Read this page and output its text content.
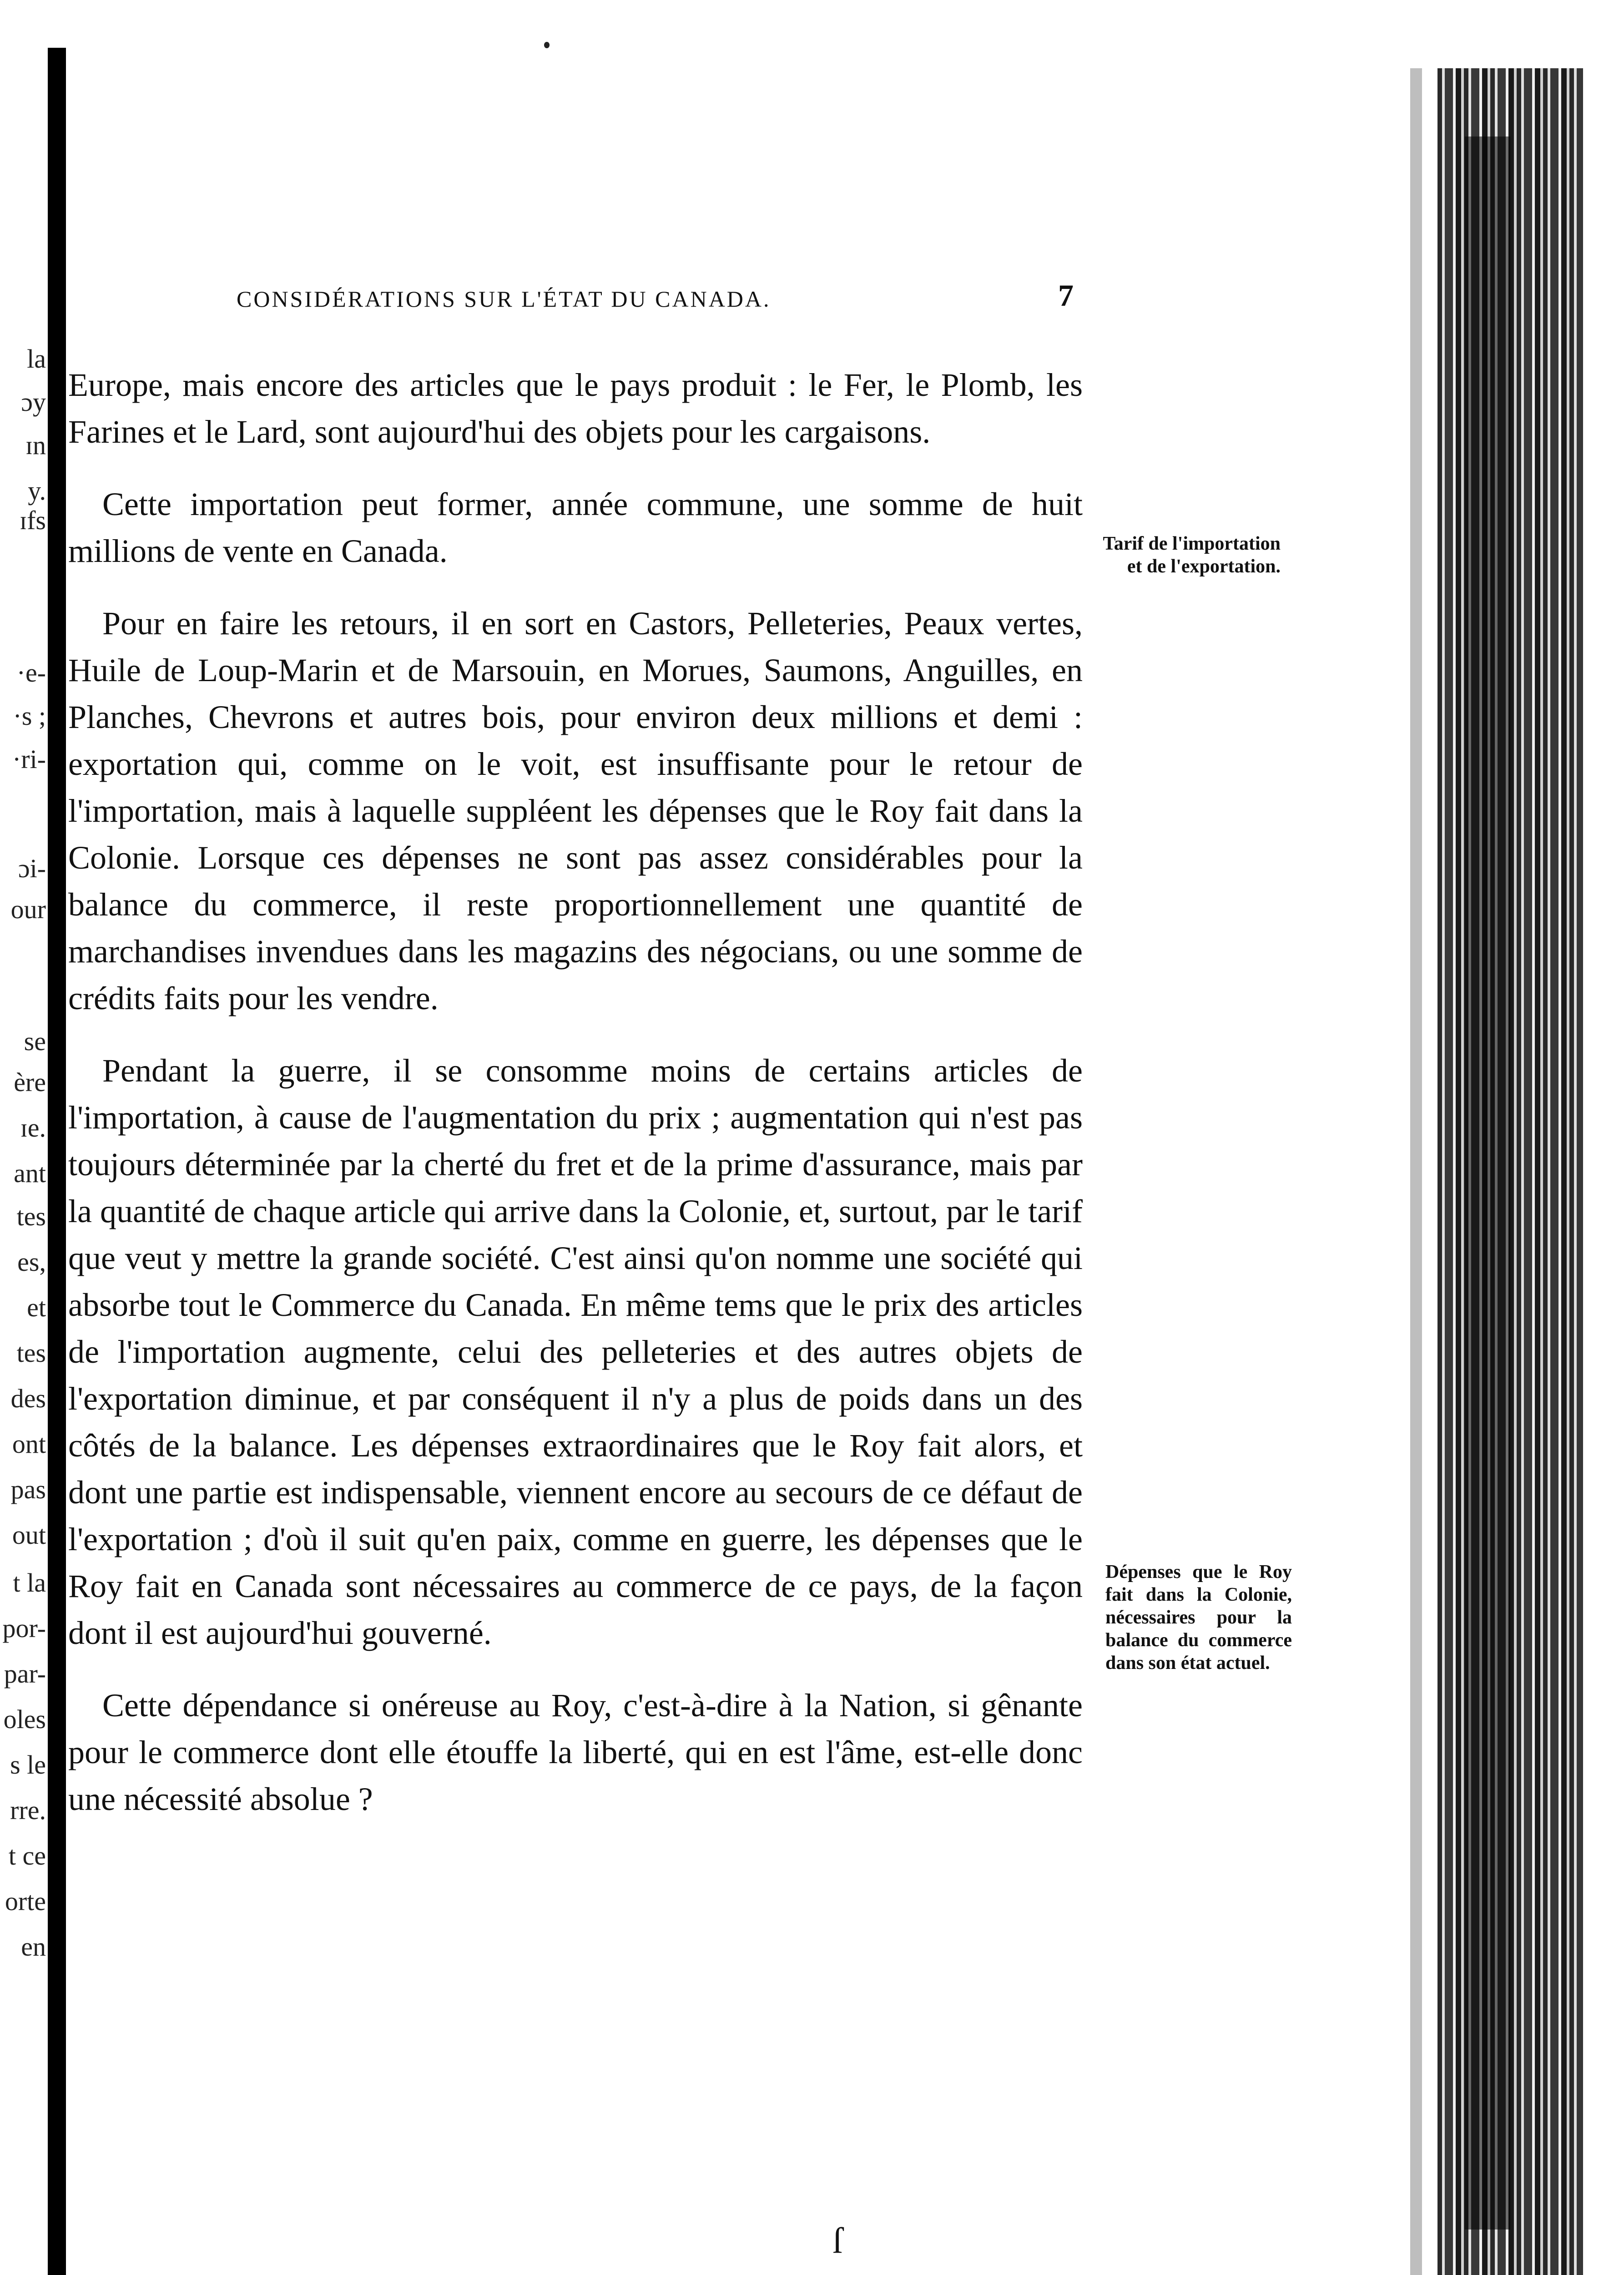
la
ɔy
ɪn
y.
ɪfs
·e-
·s ;
·ri-
ɔi-
our
se
ère
ɪe.
ant
tes
es,
et
tes
des
ont
pas
out
t la
por-
par-
oles
s le
rre.
t ce
orte
en
CONSIDÉRATIONS SUR L'ÉTAT DU CANADA.	7

Europe, mais encore des articles que le pays produit : le Fer, le Plomb, les Farines et le Lard, sont aujourd'hui des objets pour les cargaisons.

Cette importation peut former, année commune, une somme de huit millions de vente en Canada.

Pour en faire les retours, il en sort en Castors, Pelleteries, Peaux vertes, Huile de Loup-Marin et de Marsouin, en Morues, Saumons, Anguilles, en Planches, Chevrons et autres bois, pour environ deux millions et demi : exportation qui, comme on le voit, est insuffisante pour le retour de l'importation, mais à laquelle suppléent les dépenses que le Roy fait dans la Colonie. Lorsque ces dépenses ne sont pas assez considérables pour la balance du commerce, il reste proportionnellement une quantité de marchandises invendues dans les magazins des négocians, ou une somme de crédits faits pour les vendre.

Pendant la guerre, il se consomme moins de certains articles de l'importation, à cause de l'augmentation du prix ; augmentation qui n'est pas toujours déterminée par la cherté du fret et de la prime d'assurance, mais par la quantité de chaque article qui arrive dans la Colonie, et, surtout, par le tarif que veut y mettre la grande société. C'est ainsi qu'on nomme une société qui absorbe tout le Commerce du Canada. En même tems que le prix des articles de l'importation augmente, celui des pelleteries et des autres objets de l'exportation diminue, et par conséquent il n'y a plus de poids dans un des côtés de la balance. Les dépenses extraordinaires que le Roy fait alors, et dont une partie est indispensable, viennent encore au secours de ce défaut de l'exportation ; d'où il suit qu'en paix, comme en guerre, les dépenses que le Roy fait en Canada sont nécessaires au commerce de ce pays, de la façon dont il est aujourd'hui gouverné.

Cette dépendance si onéreuse au Roy, c'est-à-dire à la Nation, si gênante pour le commerce dont elle étouffe la liberté, qui en est l'âme, est-elle donc une nécessité absolue ?

Tarif de l'importation et de l'exportation.
Dépenses que le Roy fait dans la Colonie, nécessaires pour la balance du commerce dans son état actuel.
ſ
